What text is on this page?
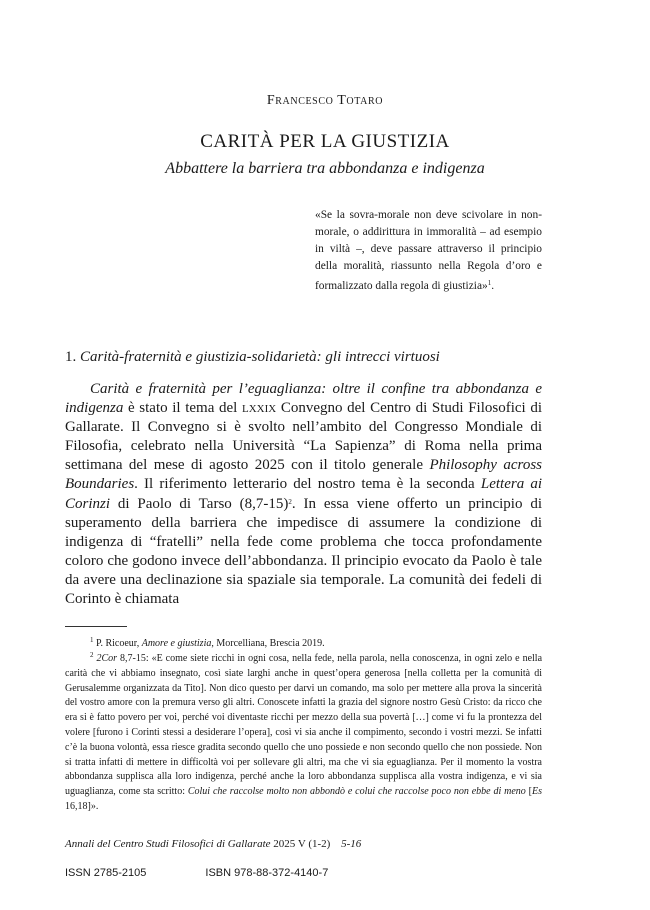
Francesco Totaro
CARITÀ PER LA GIUSTIZIA
Abbattere la barriera tra abbondanza e indigenza
«Se la sovra-morale non deve scivolare in non-morale, o addirittura in immoralità – ad esempio in viltà –, deve passare attraverso il principio della moralità, riassunto nella Regola d’oro e formalizzato dalla regola di giustizia»$^1$.
1. Carità-fraternità e giustizia-solidarietà: gli intrecci virtuosi
Carità e fraternità per l’eguaglianza: oltre il confine tra abbondanza e indigenza è stato il tema del lxxix Convegno del Centro di Studi Filosofici di Gallarate. Il Convegno si è svolto nell’ambito del Congresso Mondiale di Filosofia, celebrato nella Università “La Sapienza” di Roma nella prima settimana del mese di agosto 2025 con il titolo generale Philosophy across Boundaries. Il riferimento letterario del nostro tema è la seconda Lettera ai Corinzi di Paolo di Tarso $(8,7-15)^2$. In essa viene offerto un principio di superamento della barriera che impedisce di assumere la condizione di indigenza di “fratelli” nella fede come problema che tocca profondamente coloro che godono invece dell’abbondanza. Il principio evocato da Paolo è tale da avere una declinazione sia spaziale sia temporale. La comunità dei fedeli di Corinto è chiamata
$^1$ P. Ricoeur, Amore e giustizia, Morcelliana, Brescia 2019.
$^2$ 2Cor 8,7-15: «E come siete ricchi in ogni cosa, nella fede, nella parola, nella conoscenza, in ogni zelo e nella carità che vi abbiamo insegnato, così siate larghi anche in quest’opera generosa [nella colletta per la comunità di Gerusalemme organizzata da Tito]. Non dico questo per darvi un comando, ma solo per mettere alla prova la sincerità del vostro amore con la premura verso gli altri. Conoscete infatti la grazia del signore nostro Gesù Cristo: da ricco che era si è fatto povero per voi, perché voi diventaste ricchi per mezzo della sua povertà […] come vi fu la prontezza del volere [furono i Corinti stessi a desiderare l’opera], così vi sia anche il compimento, secondo i vostri mezzi. Se infatti c’è la buona volontà, essa riesce gradita secondo quello che uno possiede e non secondo quello che non possiede. Non si tratta infatti di mettere in difficoltà voi per sollevare gli altri, ma che vi sia eguaglianza. Per il momento la vostra abbondanza supplisca alla loro indigenza, perché anche la loro abbondanza supplisca alla vostra indigenza, e vi sia uguaglianza, come sta scritto: Colui che raccolse molto non abbondò e colui che raccolse poco non ebbe di meno [Es 16,18]».
Annali del Centro Studi Filosofici di Gallarate 2025 V (1-2) 5-16
ISSN 2785-2105	ISBN 978-88-372-4140-7
